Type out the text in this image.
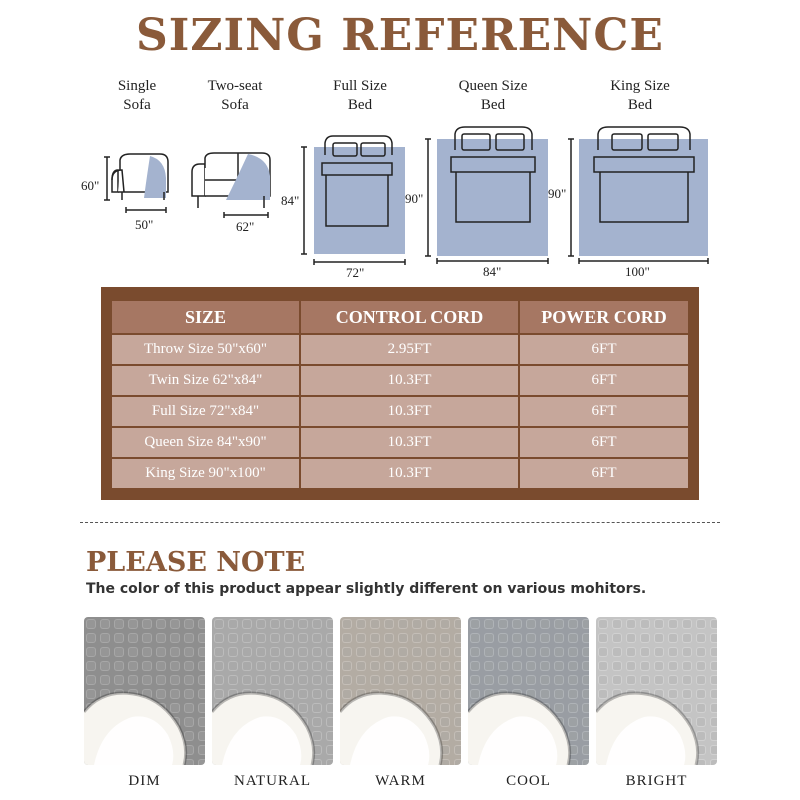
SIZING REFERENCE
Single
Sofa
Two-seat
Sofa
Full Size
Bed
Queen Size
Bed
King Size
Bed
60"
50"	62"
84"
72"
90"
84"
90"
100"
SIZE	CONTROL CORD	POWER CORD
Throw Size 50"x60"	2.95FT	6FT
Twin Size 62"x84"	10.3FT	6FT
Full Size 72"x84"	10.3FT	6FT
Queen Size 84"x90"	10.3FT	6FT
King Size 90"x100"	10.3FT	6FT
PLEASE NOTE
The color of this product appear slightly different on various mohitors.
DIM	NATURAL	WARM	COOL	BRIGHT
